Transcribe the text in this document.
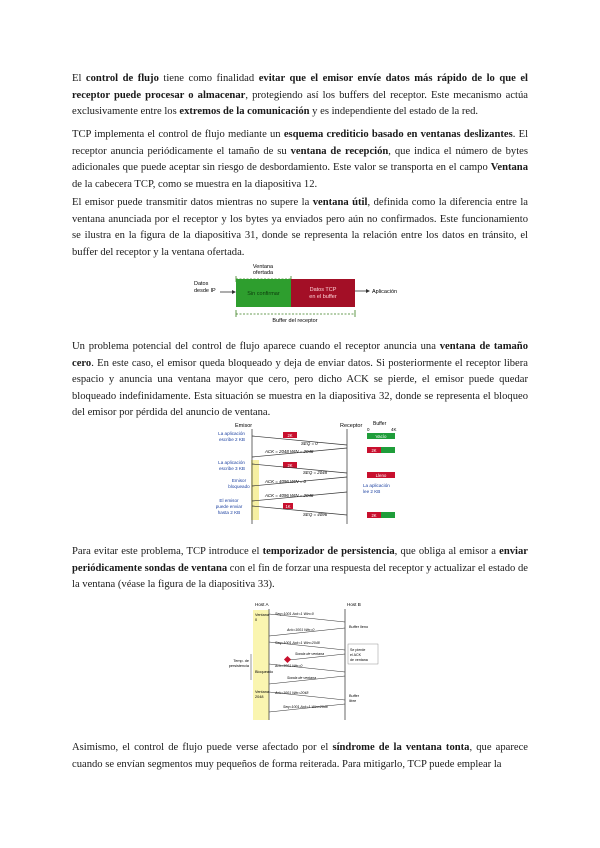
El control de flujo tiene como finalidad evitar que el emisor envíe datos más rápido de lo que el receptor puede procesar o almacenar, protegiendo así los buffers del receptor. Este mecanismo actúa exclusivamente entre los extremos de la comunicación y es independiente del estado de la red.

TCP implementa el control de flujo mediante un esquema crediticio basado en ventanas deslizantes. El receptor anuncia periódicamente el tamaño de su ventana de recepción, que indica el número de bytes adicionales que puede aceptar sin riesgo de desbordamiento. Este valor se transporta en el campo Ventana de la cabecera TCP, como se muestra en la diapositiva 12.

El emisor puede transmitir datos mientras no supere la ventana útil, definida como la diferencia entre la ventana anunciada por el receptor y los bytes ya enviados pero aún no confirmados. Este funcionamiento se ilustra en la figura de la diapositiva 31, donde se representa la relación entre los datos en tránsito, el buffer del receptor y la ventana ofertada.

Ventana
ofertada
Datos
desde IP	Sin confirmar
Datos TCP
en el buffer
Aplicación
Buffer del receptor

Un problema potencial del control de flujo aparece cuando el receptor anuncia una ventana de tamaño cero. En este caso, el emisor queda bloqueado y deja de enviar datos. Si posteriormente el receptor libera espacio y anuncia una ventana mayor que cero, pero dicho ACK se pierde, el emisor puede quedar bloqueado indefinidamente. Esta situación se muestra en la diapositiva 32, donde se representa el bloqueo del emisor por pérdida del anuncio de ventana.

Emisor	Receptor Buffer
0	4K
La aplicación
escribe 2 KB
La aplicación
escribe 3 KB
Emisor
bloqueado
El emisor
puede enviar
hasta 2 KB
2K
SEQ = 0
ACK = 2048 WIN = 2048
2K
SEQ = 2048
ACK = 4096 WIN = 0
ACK = 4096 WIN = 2048
1K
SEQ = 4096
Vacío
2K
Lleno
La aplicación
lee 2 KB
2K

Para evitar este problema, TCP introduce el temporizador de persistencia, que obliga al emisor a enviar periódicamente sondas de ventana con el fin de forzar una respuesta del receptor y actualizar el estado de la ventana (véase la figura de la diapositiva 33).

Host A	Host B
Ventana
0
Bloqueado
Ventana
2048
Temp. de
persistencia
Seq=1001 Ack=1 Win=0
Ack=1001 Win=0
Seq=1001 Ack=1 Win=2048
Sonda de ventana
Ack=1001 Win=0
Sonda de ventana
Ack=1001 Win=2048
Seq=1001 Ack=1 Win=2048
Buffer lleno
Se pierde
el ACK
de ventana
Buffer
libre

Asimismo, el control de flujo puede verse afectado por el síndrome de la ventana tonta, que aparece cuando se envían segmentos muy pequeños de forma reiterada. Para mitigarlo, TCP puede emplear la
